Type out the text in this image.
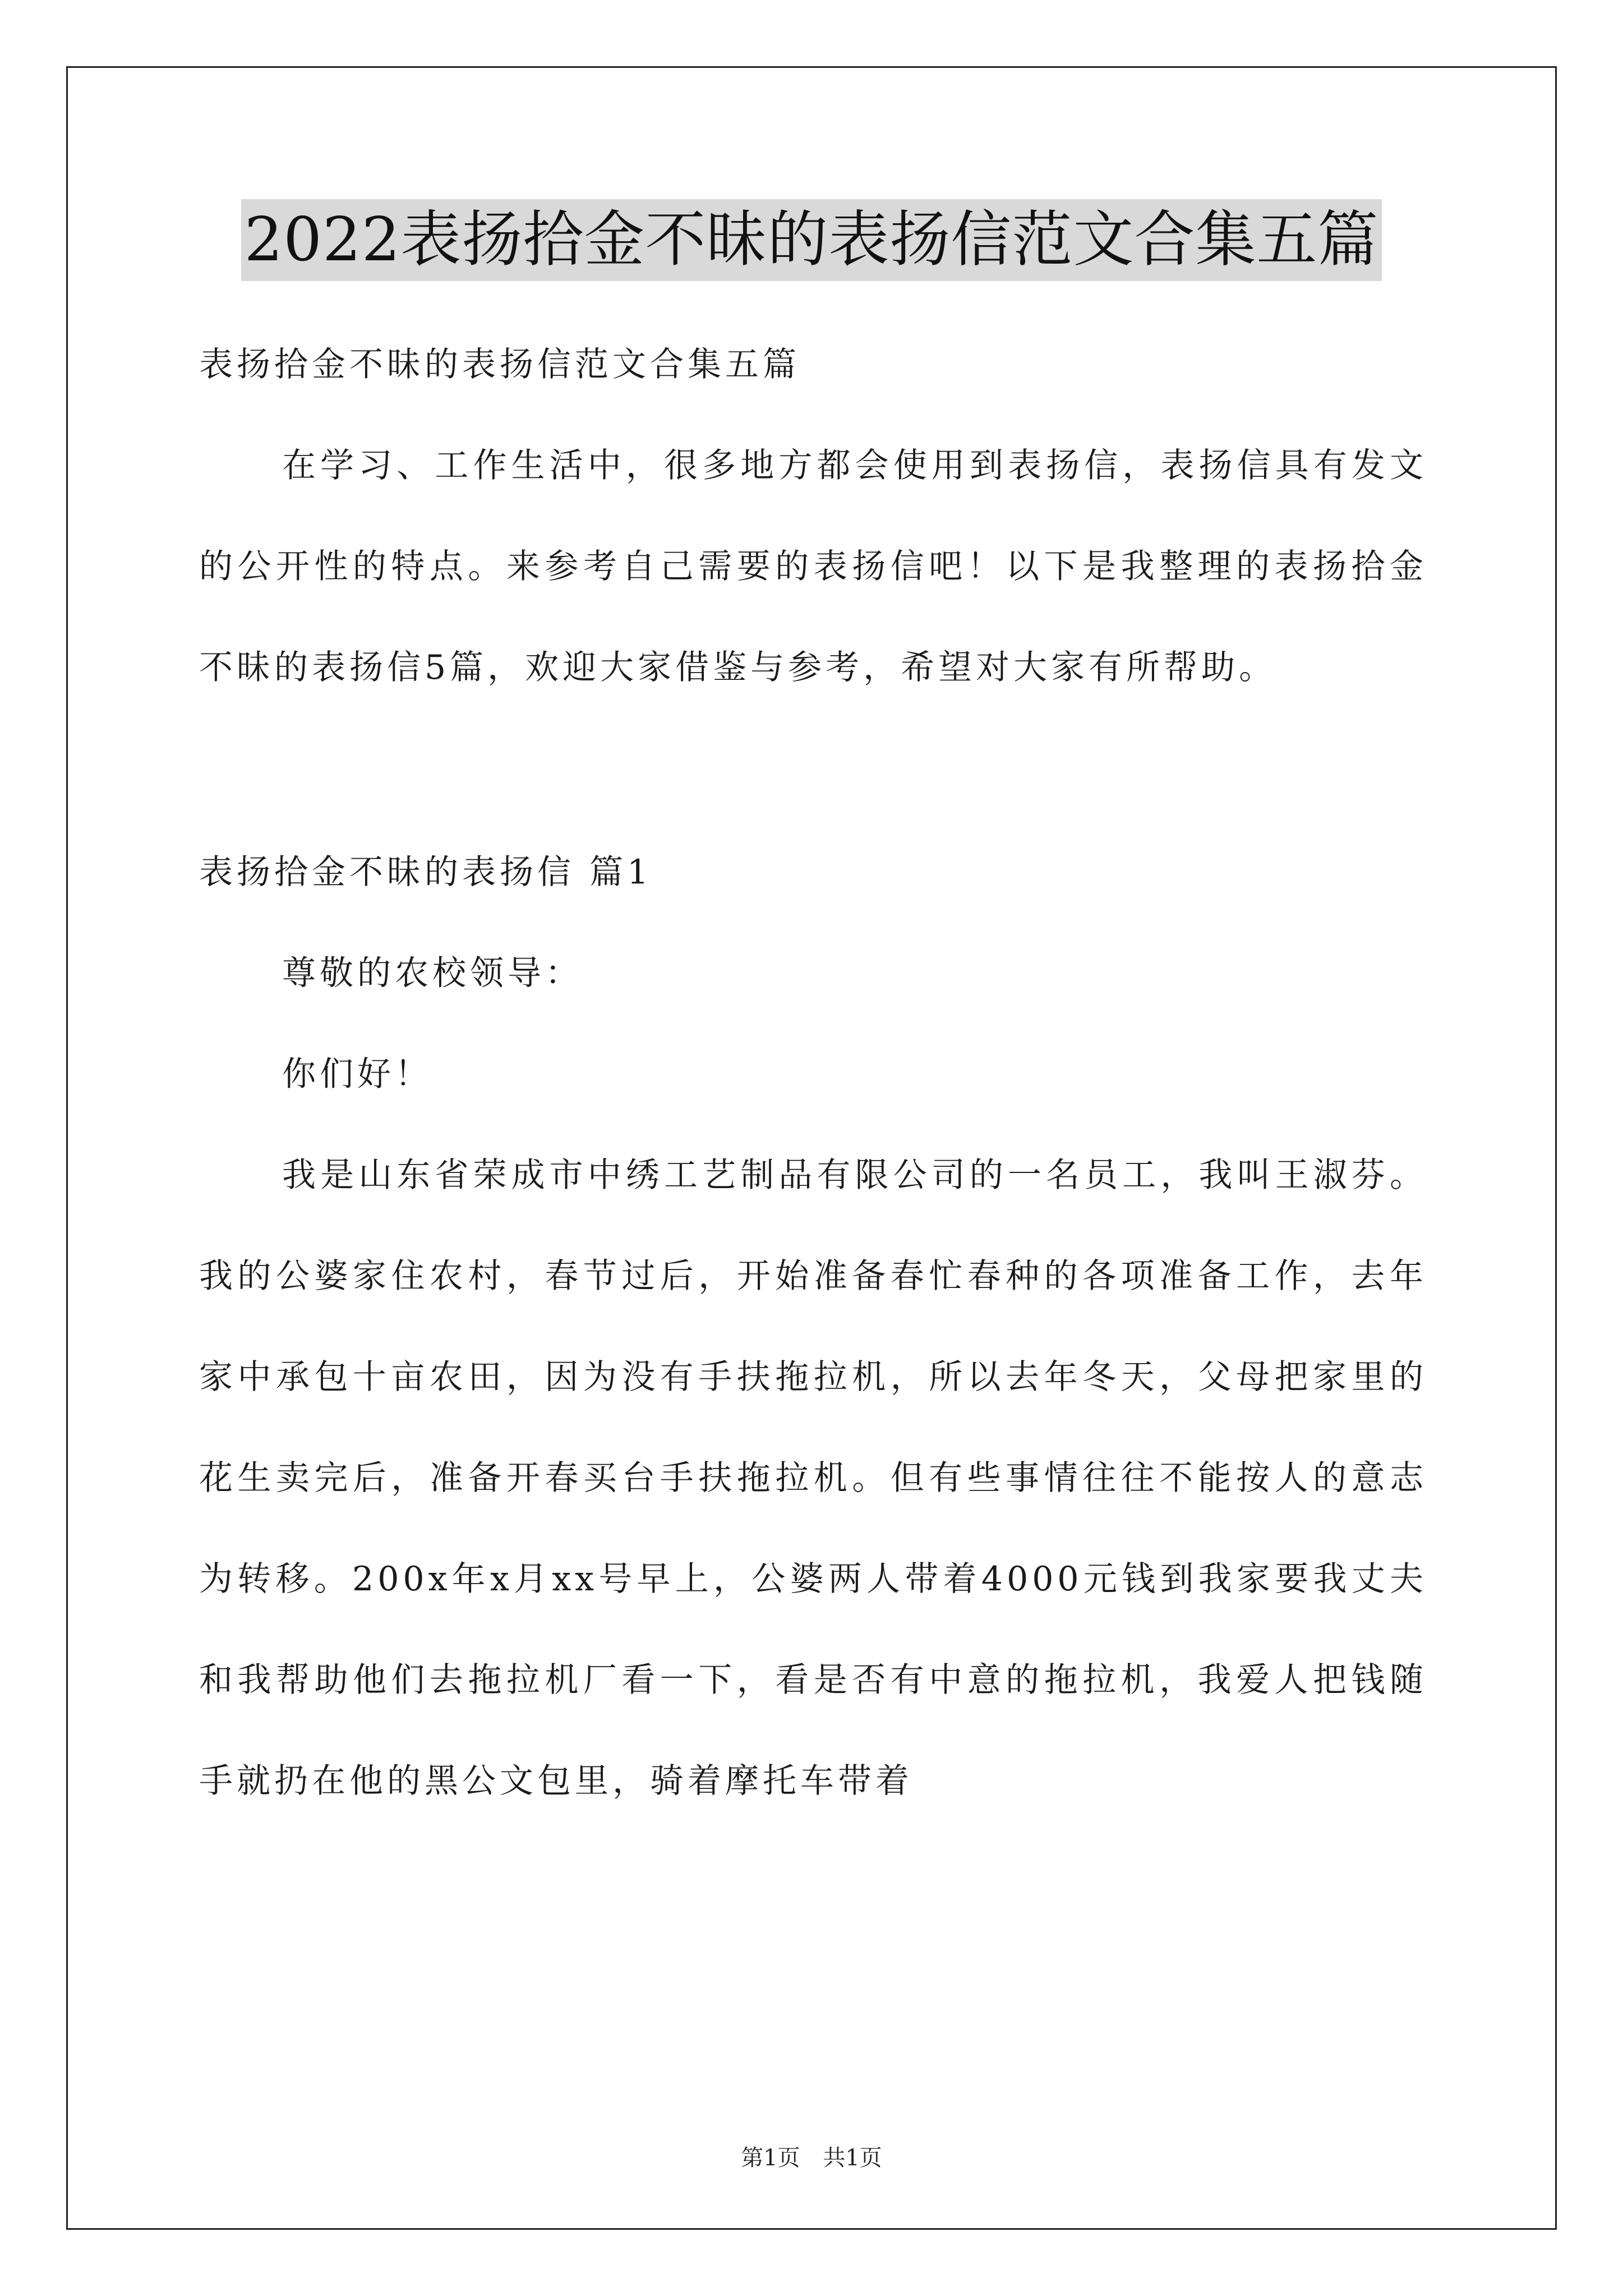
2022表扬拾金不昧的表扬信范文合集五篇

表扬拾金不昧的表扬信范文合集五篇

在学习、工作生活中，很多地方都会使用到表扬信，表扬信具有发文的公开性的特点。来参考自己需要的表扬信吧！以下是我整理的表扬拾金不昧的表扬信5篇，欢迎大家借鉴与参考，希望对大家有所帮助。

表扬拾金不昧的表扬信 篇1

尊敬的农校领导：

你们好！

我是山东省荣成市中绣工艺制品有限公司的一名员工，我叫王淑芬。我的公婆家住农村，春节过后，开始准备春忙春种的各项准备工作，去年家中承包十亩农田，因为没有手扶拖拉机，所以去年冬天，父母把家里的花生卖完后，准备开春买台手扶拖拉机。但有些事情往往不能按人的意志为转移。200x年x月xx号早上，公婆两人带着4000元钱到我家要我丈夫和我帮助他们去拖拉机厂看一下，看是否有中意的拖拉机，我爱人把钱随手就扔在他的黑公文包里，骑着摩托车带着

第1页 共1页
